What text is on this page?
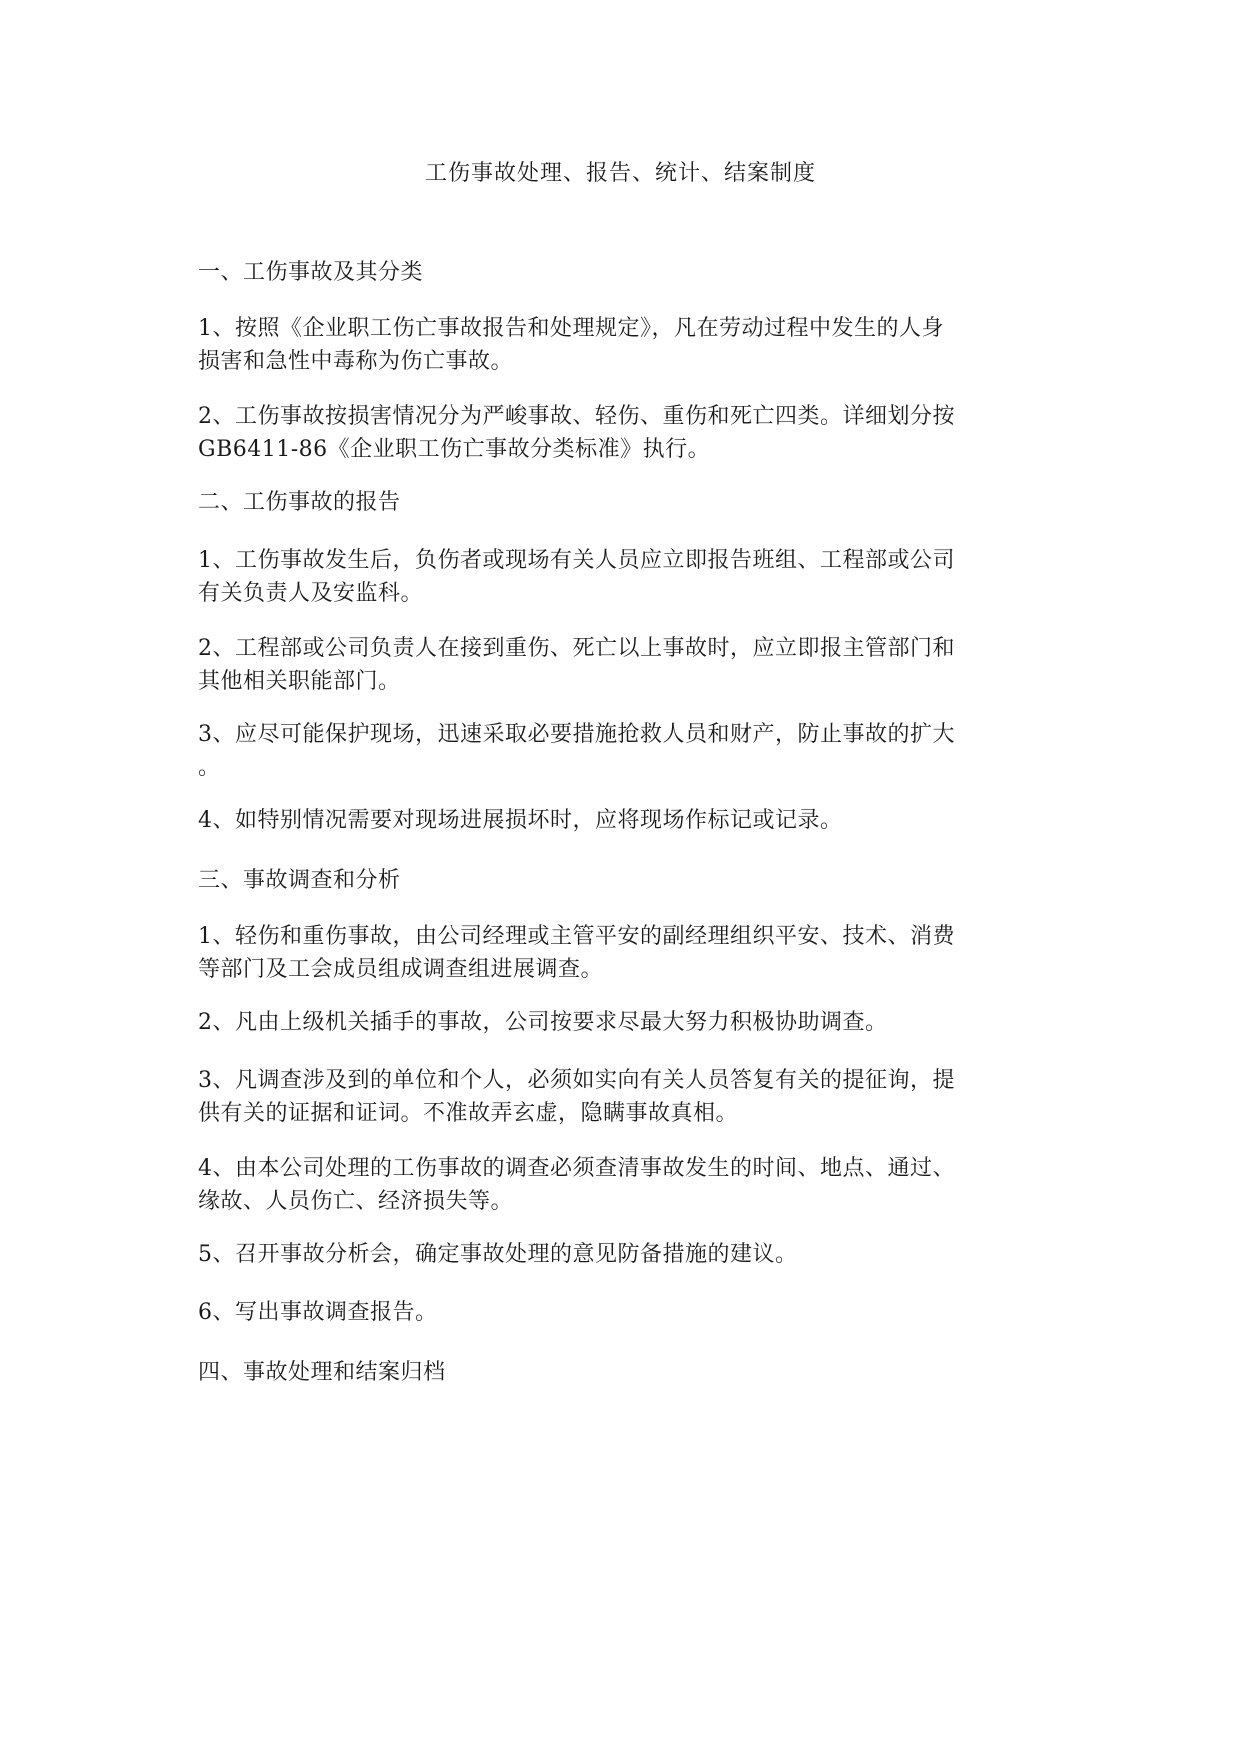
工伤事故处理、报告、统计、结案制度

一、工伤事故及其分类

1、按照《企业职工伤亡事故报告和处理规定》，凡在劳动过程中发生的人身
损害和急性中毒称为伤亡事故。

2、工伤事故按损害情况分为严峻事故、轻伤、重伤和死亡四类。详细划分按
GB6411-86《企业职工伤亡事故分类标准》执行。

二、工伤事故的报告

1、工伤事故发生后，负伤者或现场有关人员应立即报告班组、工程部或公司
有关负责人及安监科。

2、工程部或公司负责人在接到重伤、死亡以上事故时，应立即报主管部门和
其他相关职能部门。

3、应尽可能保护现场，迅速采取必要措施抢救人员和财产，防止事故的扩大
。

4、如特别情况需要对现场进展损坏时，应将现场作标记或记录。

三、事故调查和分析

1、轻伤和重伤事故，由公司经理或主管平安的副经理组织平安、技术、消费
等部门及工会成员组成调查组进展调查。

2、凡由上级机关插手的事故，公司按要求尽最大努力积极协助调查。

3、凡调查涉及到的单位和个人，必须如实向有关人员答复有关的提征询，提
供有关的证据和证词。不准故弄玄虚，隐瞒事故真相。

4、由本公司处理的工伤事故的调查必须查清事故发生的时间、地点、通过、
缘故、人员伤亡、经济损失等。

5、召开事故分析会，确定事故处理的意见防备措施的建议。

6、写出事故调查报告。

四、事故处理和结案归档
